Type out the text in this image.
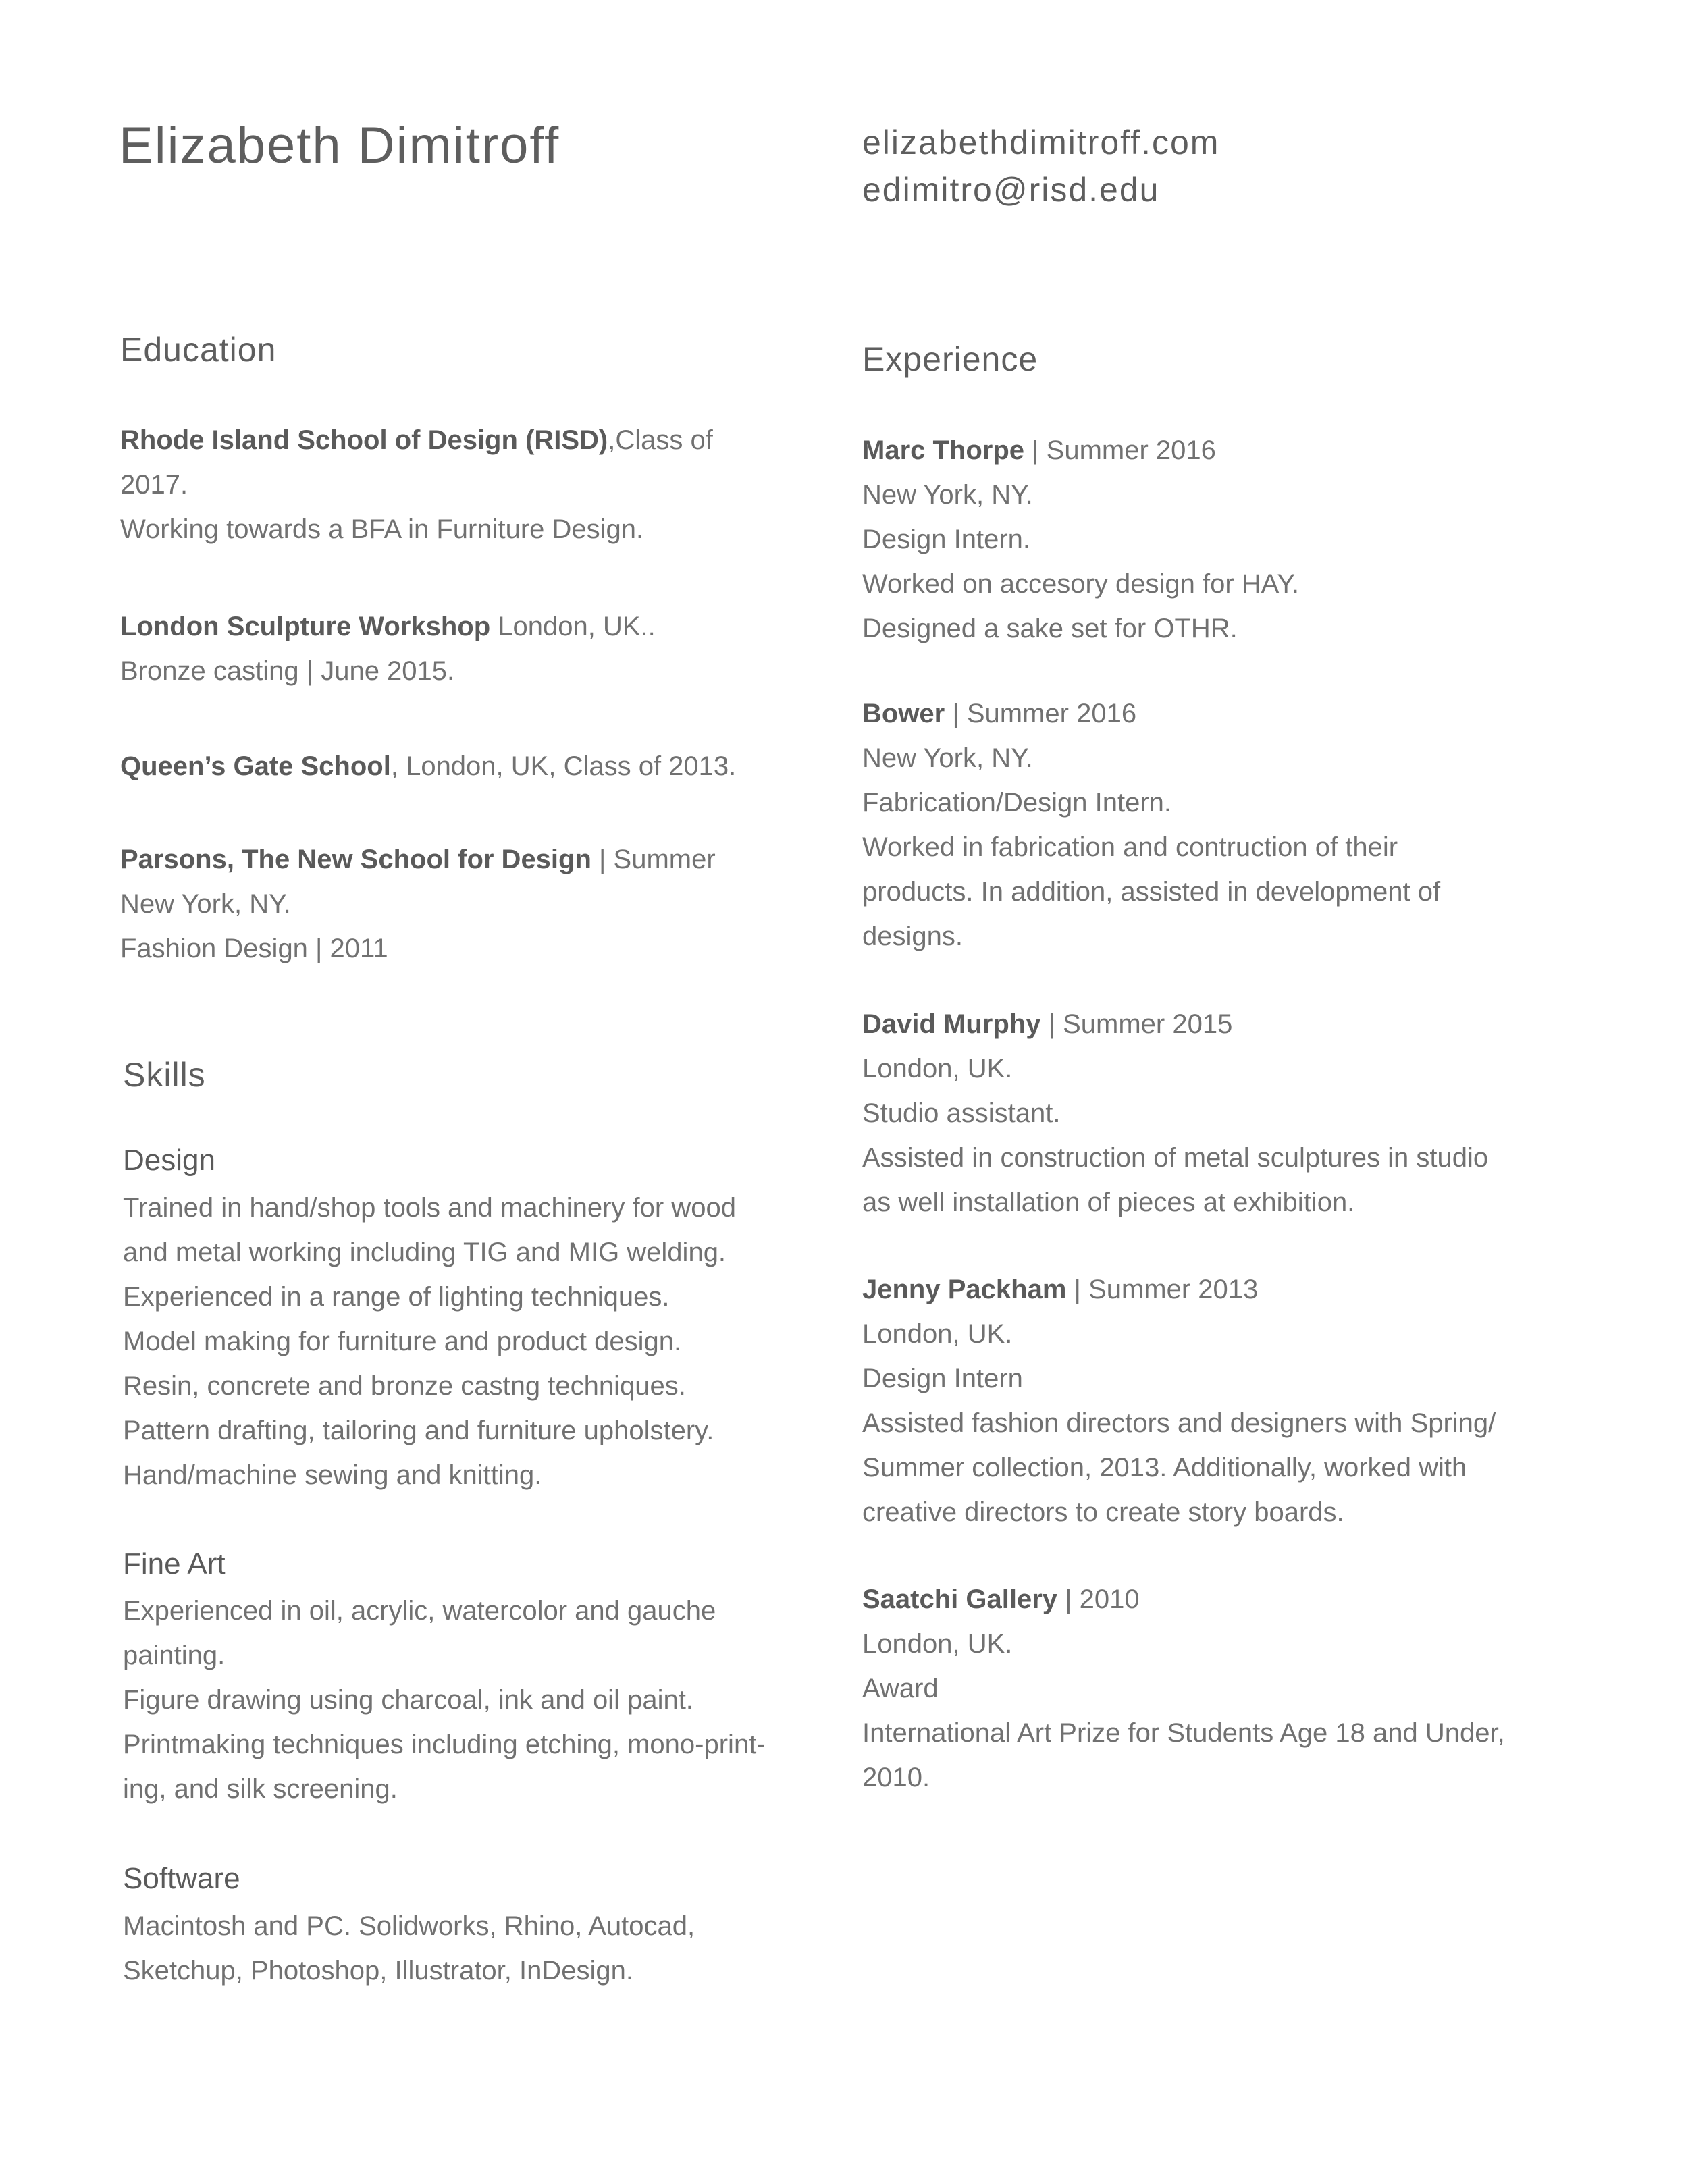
Elizabeth Dimitroff	elizabethdimitroff.com
edimitro@risd.edu
Education
Rhode Island School of Design (RISD),Class of
2017.
Working towards a BFA in Furniture Design.
London Sculpture Workshop London, UK..
Bronze casting | June 2015.
Queen’s Gate School, London, UK, Class of 2013.
Parsons, The New School for Design | Summer
New York, NY.
Fashion Design | 2011
Skills
Design
Trained in hand/shop tools and machinery for wood
and metal working including TIG and MIG welding.
Experienced in a range of lighting techniques.
Model making for furniture and product design.
Resin, concrete and bronze castng techniques.
Pattern drafting, tailoring and furniture upholstery.
Hand/machine sewing and knitting.
Fine Art
Experienced in oil, acrylic, watercolor and gauche
painting.
Figure drawing using charcoal, ink and oil paint.
Printmaking techniques including etching, mono-print-
ing, and silk screening.
Software
Macintosh and PC. Solidworks, Rhino, Autocad,
Sketchup, Photoshop, Illustrator, InDesign.
Experience
Marc Thorpe | Summer 2016
New York, NY.
Design Intern.
Worked on accesory design for HAY.
Designed a sake set for OTHR.
Bower | Summer 2016
New York, NY.
Fabrication/Design Intern.
Worked in fabrication and contruction of their
products. In addition, assisted in development of
designs.
David Murphy | Summer 2015
London, UK.
Studio assistant.
Assisted in construction of metal sculptures in studio
as well installation of pieces at exhibition.
Jenny Packham | Summer 2013
London, UK.
Design Intern
Assisted fashion directors and designers with Spring/
Summer collection, 2013. Additionally, worked with
creative directors to create story boards.
Saatchi Gallery | 2010
London, UK.
Award
International Art Prize for Students Age 18 and Under,
2010.
